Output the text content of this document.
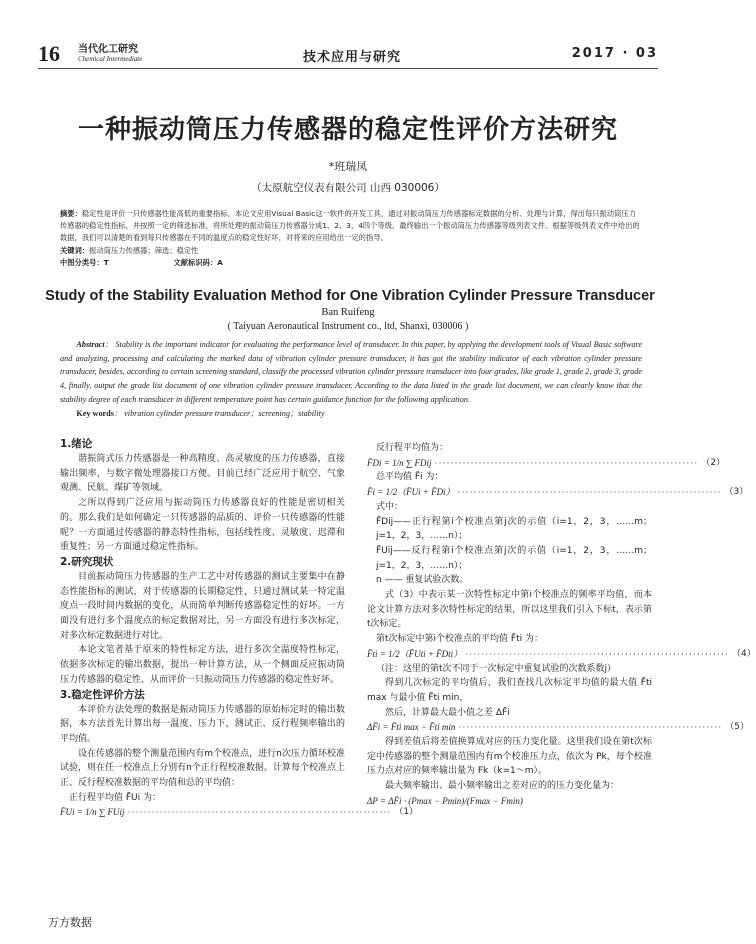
16 当代化工研究
Chemical Intermediate	技术应用与研究	2017 · 03
一种振动筒压力传感器的稳定性评价方法研究
*班瑞凤
（太原航空仪表有限公司 山西 030006）
摘要：稳定性是评价一只传感器性能高低的重要指标，本论文应用Visual Basic这一软件的开发工具，通过对振动筒压力传感器标定数据的分析、处理与计算，得出每只振动筒压力传感器的稳定性指标，并按照一定的筛选标准，将所处理的振动筒压力传感器分成1、2、3、4四个等级，最终输出一个振动筒压力传感器等级列表文件。根据等级列表文件中给出的数据，我们可以清楚的看到每只传感器在不同的温度点的稳定性好坏，对将来的应用给出一定的指导。
关键词：振动筒压力传感器；筛选；稳定性
中图分类号：T	文献标识码：A
Study of the Stability Evaluation Method for One Vibration Cylinder Pressure Transducer
Ban Ruifeng
( Taiyuan Aeronautical Instrument co., ltd, Shanxi, 030006 )
Abstract： Stability is the important indicator for evaluating the performance level of transducer. In this paper, by applying the development tools of Visual Basic software and analyzing, processing and calculating the marked data of vibration cylinder pressure transducer, it has got the stability indicator of each vibration cylinder pressure transducer, besides, according to certain screening standard, classify the processed vibration cylinder pressure transducer into four grades, like grade 1, grade 2, grade 3, grade 4, finally, output the grade list document of one vibration cylinder pressure transducer. According to the data listed in the grade list document, we can clearly know that the stability degree of each transducer in different temperature point has certain guidance function for the following application.
Key words： vibration cylinder pressure transducer；screening；stability
1.绪论

谐振筒式压力传感器是一种高精度、高灵敏度的压力传感器，直接输出频率，与数字微处理器接口方便。目前已经广泛应用于航空、气象观测、民航、煤矿等领域。

之所以得到广泛应用与振动筒压力传感器良好的性能是密切相关的。那么我们是如何确定一只传感器的品质的、评价一只传感器的性能呢？一方面通过传感器的静态特性指标，包括线性度、灵敏度、迟滞和重复性；另一方面通过稳定性指标。

2.研究现状

目前振动筒压力传感器的生产工艺中对传感器的测试主要集中在静态性能指标的测试，对于传感器的长期稳定性，只通过测试某一特定温度点一段时间内数据的变化，从而简单判断传感器稳定性的好坏。一方面没有进行多个温度点的标定数据对比，另一方面没有进行多次标定，对多次标定数据进行对比。

本论文笔者基于原来的特性标定方法，进行多次全温度特性标定，依据多次标定的输出数据，提出一种计算方法，从一个侧面反应振动筒压力传感器的稳定性，从而评价一只振动筒压力传感器的稳定性好坏。

3.稳定性评价方法

本评价方法处理的数据是振动筒压力传感器的原始标定时的输出数据，本方法首先计算出每一温度、压力下，测试正、反行程频率输出的平均值。

设在传感器的整个测量范围内有m个校准点，进行n次压力循环校准试验，则在任一校准点上分别有n个正行程校准数据。计算每个校准点上正、反行程校准数据的平均值和总的平均值：

正行程平均值 F̄Ui 为：

F̄Ui = 1/n ∑ FUij ·································································· （1）

反行程平均值为：

F̄Di = 1/n ∑ FDij ·································································· （2）

总平均值 F̄i 为：

F̄i = 1/2（F̄Ui + F̄Di） ·································································· （3）

式中：

F̄Dij——正行程第i个校准点第j次的示值（i=1，2，3，……m；j=1，2，3，……n）；

F̄Uij——反行程第i个校准点第j次的示值（i=1，2，3，……m；j=1，2，3，……n）；

n —— 重复试验次数。

式（3）中表示某一次特性标定中第i个校准点的频率平均值，而本论文计算方法对多次特性标定的结果，所以这里我们引入下标t，表示第t次标定。

第t次标定中第i个校准点的平均值 F̄ti 为：

F̄ti = 1/2（F̄Uti + F̄Dti） ·································································· （4）

（注：这里的第t次不同于一次标定中重复试验的次数系数j）

得到几次标定的平均值后，我们查找几次标定平均值的最大值 F̄ti max 与最小值 F̄ti min，

然后，计算最大最小值之差 ΔF̄i

ΔF̄i = F̄ti max − F̄ti min ·································································· （5）

得到差值后将差值换算成对应的压力变化量。这里我们设在第t次标定中传感器的整个测量范围内有m个校准压力点，依次为 Pk，每个校准压力点对应的频率输出量为 Fk（k=1～m）。

最大频率输出、最小频率输出之差对应的的压力变化量为：

ΔP = ΔF̄i · (Pmax − Pmin)/(Fmax − Fmin)

万方数据
